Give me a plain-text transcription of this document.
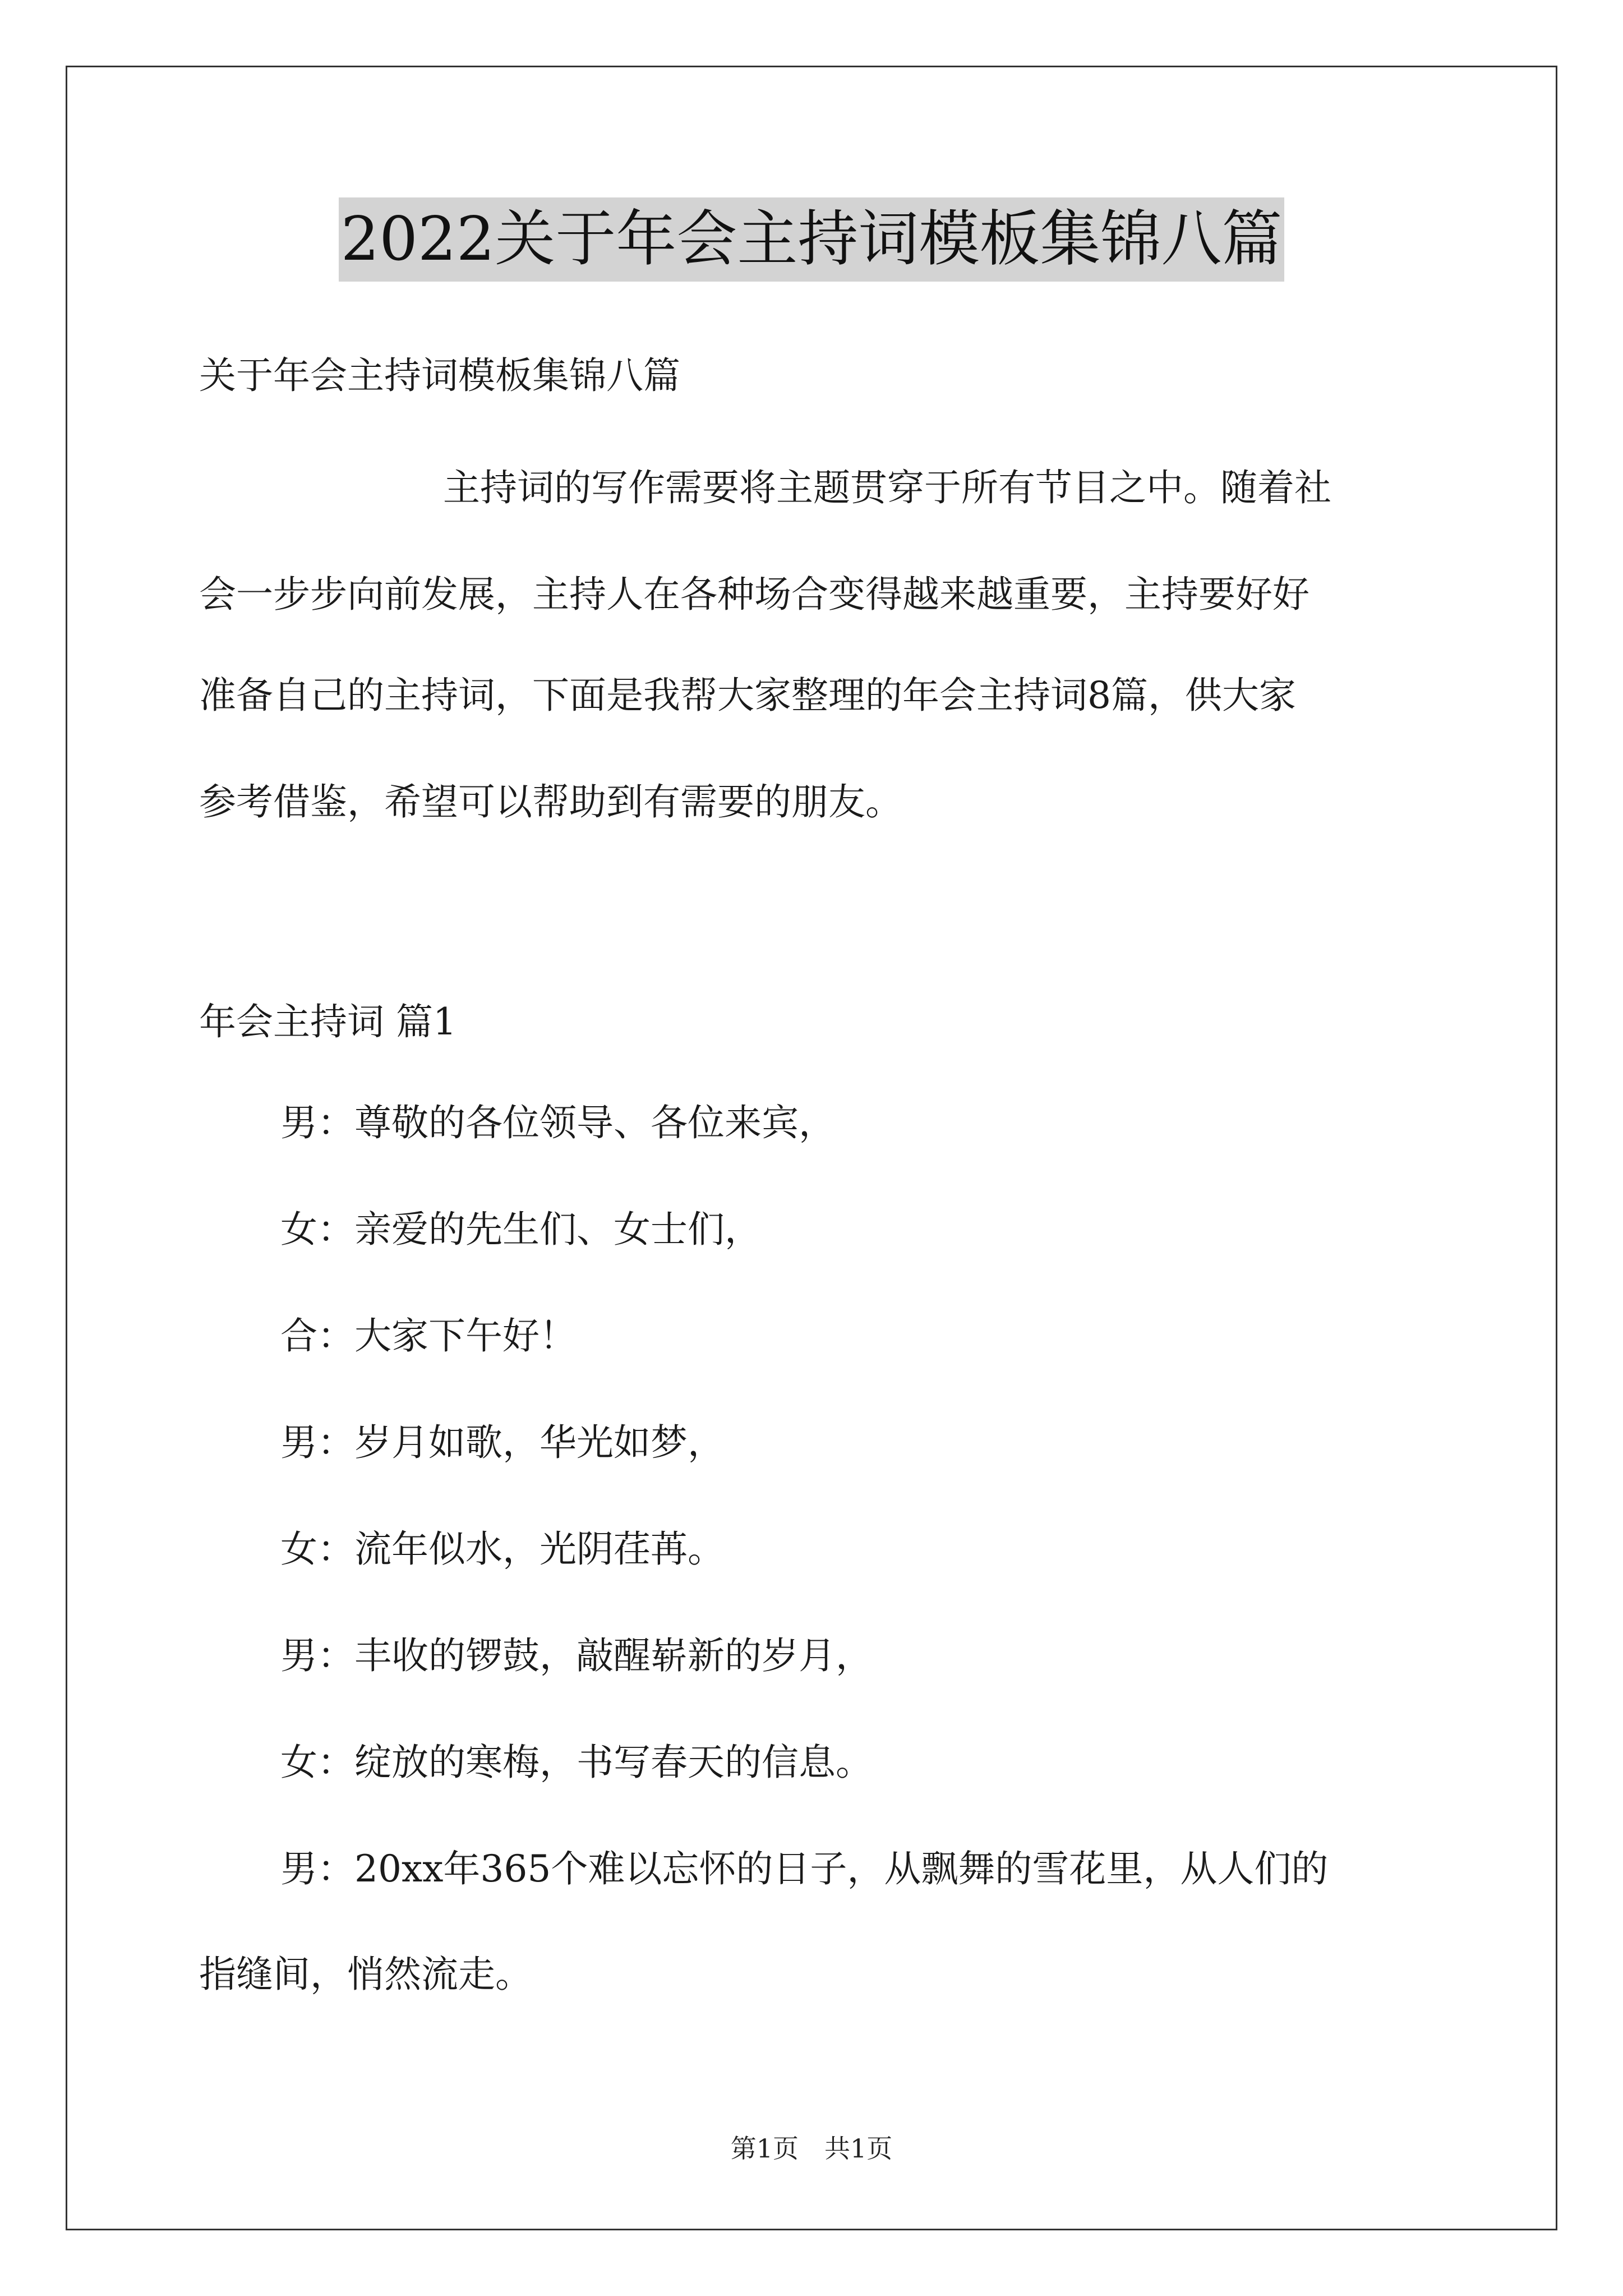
2022关于年会主持词模板集锦八篇
关于年会主持词模板集锦八篇
主持词的写作需要将主题贯穿于所有节目之中。随着社
会一步步向前发展，主持人在各种场合变得越来越重要，主持要好好
准备自己的主持词，下面是我帮大家整理的年会主持词8篇，供大家
参考借鉴，希望可以帮助到有需要的朋友。
年会主持词 篇1
男：尊敬的各位领导、各位来宾，
女：亲爱的先生们、女士们，
合：大家下午好！
男：岁月如歌，华光如梦，
女：流年似水，光阴荏苒。
男：丰收的锣鼓，敲醒崭新的岁月，
女：绽放的寒梅，书写春天的信息。
男：20xx年365个难以忘怀的日子，从飘舞的雪花里，从人们的
指缝间，悄然流走。
第1页　共1页
